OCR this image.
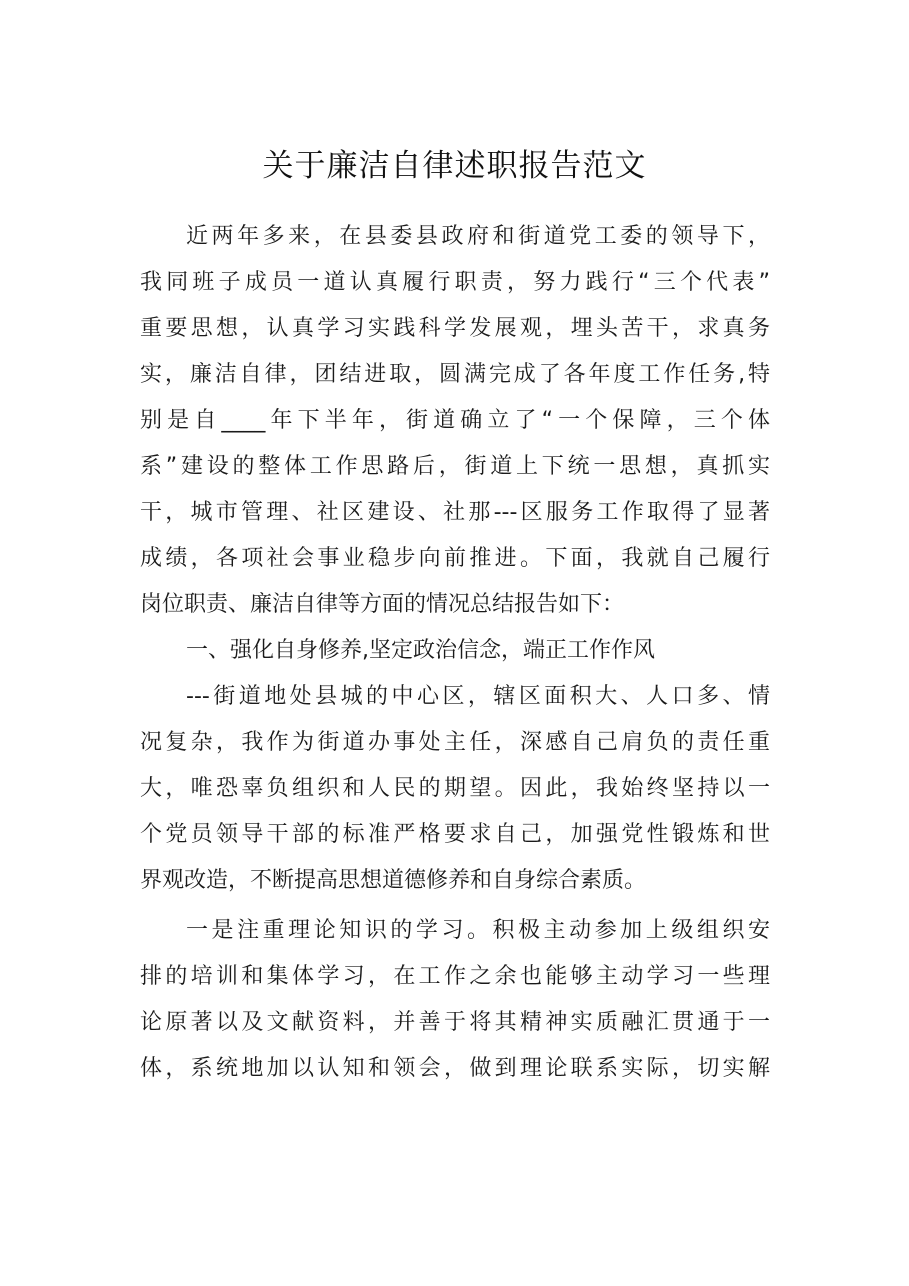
关于廉洁自律述职报告范文
近两年多来，在县委县政府和街道党工委的领导下，
我同班子成员一道认真履行职责，努力践行“三个代表”
重要思想，认真学习实践科学发展观，埋头苦干，求真务
实，廉洁自律，团结进取，圆满完成了各年度工作任务,特
别是自____年下半年，街道确立了“一个保障，三个体
系”建设的整体工作思路后，街道上下统一思想，真抓实
干，城市管理、社区建设、社那---区服务工作取得了显著
成绩，各项社会事业稳步向前推进。下面，我就自己履行
岗位职责、廉洁自律等方面的情况总结报告如下：
一、强化自身修养,坚定政治信念，端正工作作风
---街道地处县城的中心区，辖区面积大、人口多、情
况复杂，我作为街道办事处主任，深感自己肩负的责任重
大，唯恐辜负组织和人民的期望。因此，我始终坚持以一
个党员领导干部的标准严格要求自己，加强党性锻炼和世
界观改造，不断提高思想道德修养和自身综合素质。
一是注重理论知识的学习。积极主动参加上级组织安
排的培训和集体学习，在工作之余也能够主动学习一些理
论原著以及文献资料，并善于将其精神实质融汇贯通于一
体，系统地加以认知和领会，做到理论联系实际，切实解
